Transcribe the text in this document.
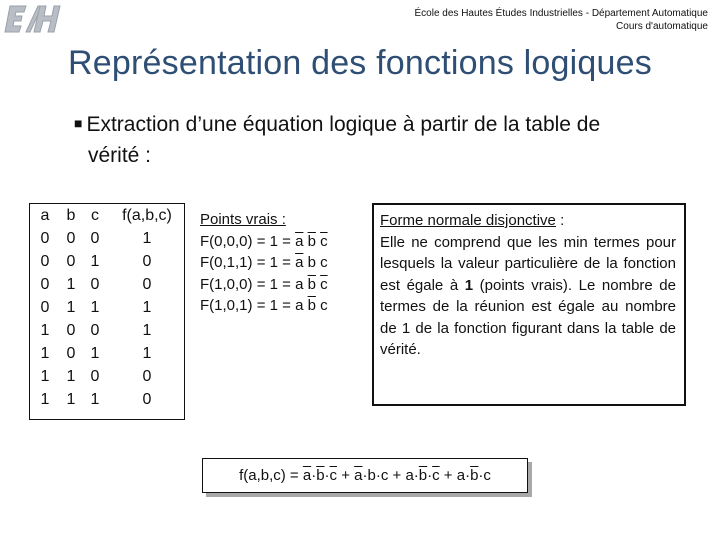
École des Hautes Études Industrielles - Département Automatique
Cours d'automatique
Représentation des fonctions logiques
■ Extraction d’une équation logique à partir de la table de
vérité :
a b c	f(a,b,c)
0 0 0	1
0 0 1	0
0 1 0	0
0 1 1	1
1 0 0	1
1 0 1	1
1 1 0	0
1 1 1	0
Points vrais :
$F(0,0,0) = 1 = \overline{a}$ $\overline{b}$ $\overline{c}$
$F(0,1,1) = 1 = \overline{a}$ b c
F(1,0,0) = 1 = a $\overline{b}$ $\overline{c}$
F(1,0,1) = 1 = a $\overline{b}$ c
Forme normale disjonctive :
Elle ne comprend que les min termes pour lesquels la valeur particulière de la fonction est égale à 1 (points vrais). Le nombre de termes de la réunion est égale au nombre de 1 de la fonction figurant dans la table de vérité.
$f(a,b,c) = \overline{a}\cdot\overline{b}\cdot\overline{c} + \overline{a}\cdot b\cdot c + a\cdot\overline{b}\cdot\overline{c} + a\cdot\overline{b}\cdot c$
